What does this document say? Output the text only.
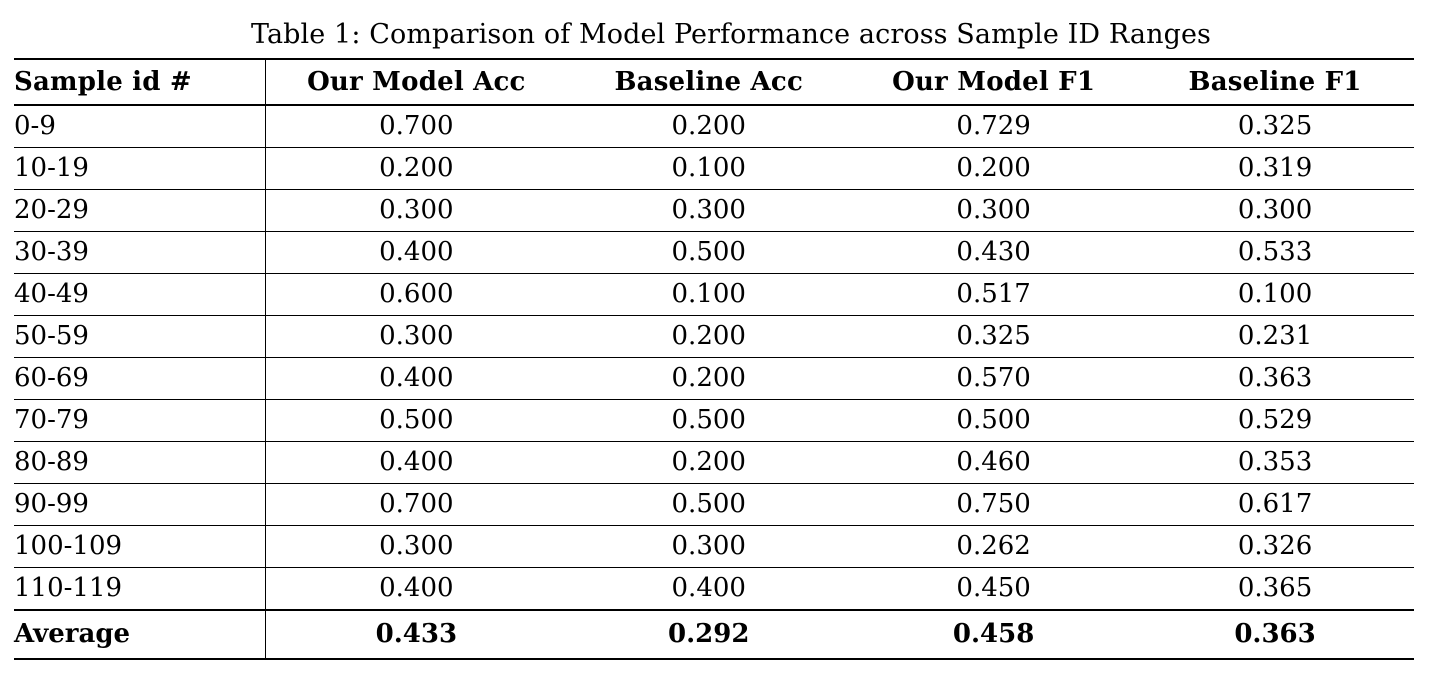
Table 1: Comparison of Model Performance across Sample ID Ranges
Sample id #	Our Model Acc	Baseline Acc	Our Model F1	Baseline F1
0-9	0.700	0.200	0.729	0.325
10-19	0.200	0.100	0.200	0.319
20-29	0.300	0.300	0.300	0.300
30-39	0.400	0.500	0.430	0.533
40-49	0.600	0.100	0.517	0.100
50-59	0.300	0.200	0.325	0.231
60-69	0.400	0.200	0.570	0.363
70-79	0.500	0.500	0.500	0.529
80-89	0.400	0.200	0.460	0.353
90-99	0.700	0.500	0.750	0.617
100-109	0.300	0.300	0.262	0.326
110-119	0.400	0.400	0.450	0.365
Average	0.433	0.292	0.458	0.363
